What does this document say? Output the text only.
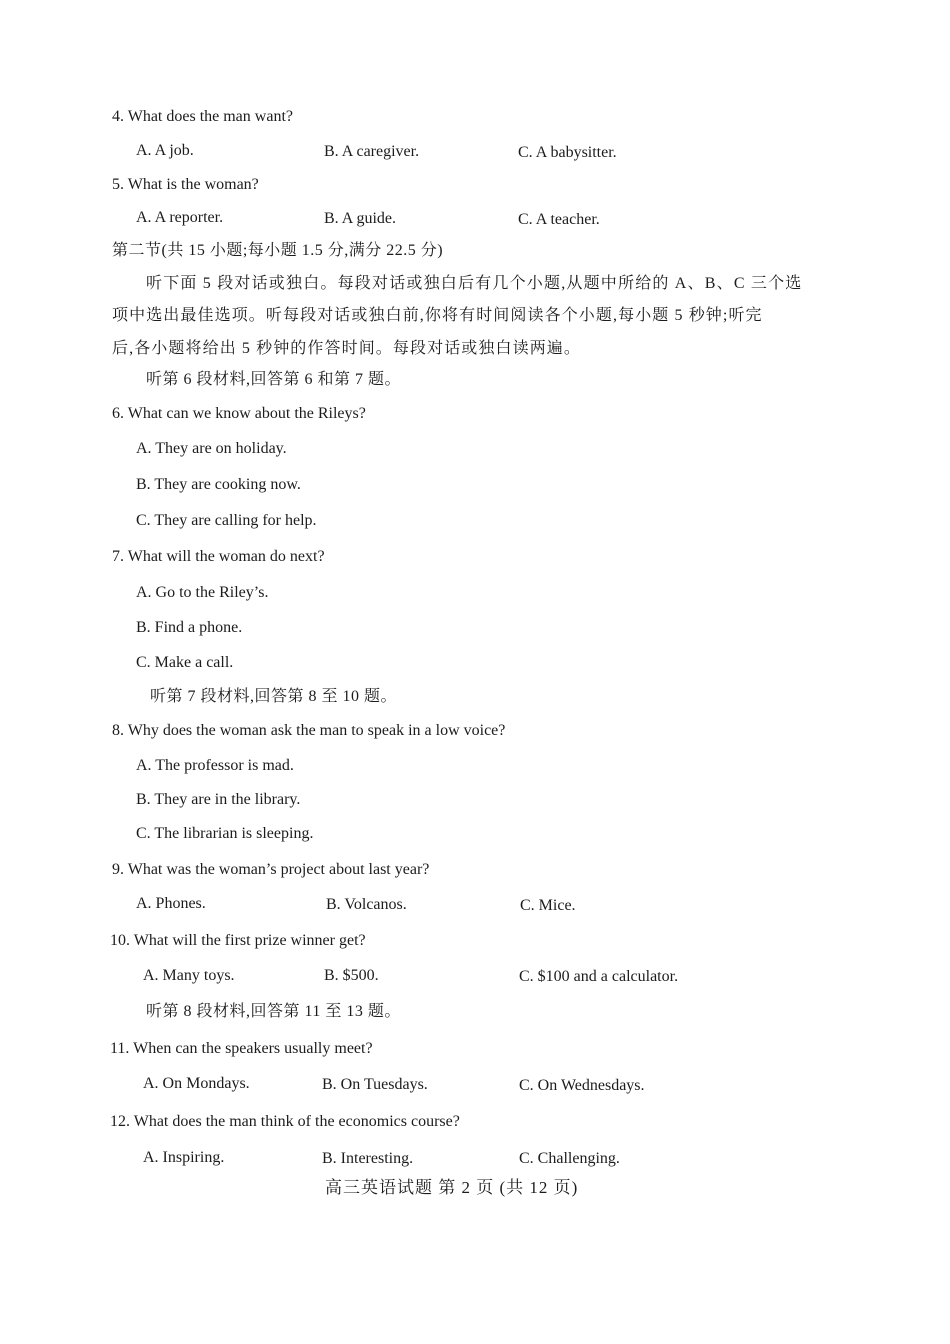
4. What does the man want?
A. A job.	B. A caregiver.	C. A babysitter.
5. What is the woman?
A. A reporter.	B. A guide.	C. A teacher.
第二节(共 15 小题;每小题 1.5 分,满分 22.5 分)
听下面 5 段对话或独白。每段对话或独白后有几个小题,从题中所给的 A、B、C 三个选
项中选出最佳选项。听每段对话或独白前,你将有时间阅读各个小题,每小题 5 秒钟;听完
后,各小题将给出 5 秒钟的作答时间。每段对话或独白读两遍。
听第 6 段材料,回答第 6 和第 7 题。
6. What can we know about the Rileys?
A. They are on holiday.
B. They are cooking now.
C. They are calling for help.
7. What will the woman do next?
A. Go to the Riley’s.
B. Find a phone.
C. Make a call.
听第 7 段材料,回答第 8 至 10 题。
8. Why does the woman ask the man to speak in a low voice?
A. The professor is mad.
B. They are in the library.
C. The librarian is sleeping.
9. What was the woman’s project about last year?
A. Phones.	B. Volcanos.	C. Mice.
10. What will the first prize winner get?
A. Many toys.	B. $500.	C. $100 and a calculator.
听第 8 段材料,回答第 11 至 13 题。
11. When can the speakers usually meet?
A. On Mondays.	B. On Tuesdays.	C. On Wednesdays.
12. What does the man think of the economics course?
A. Inspiring.	B. Interesting.	C. Challenging.
高三英语试题 第 2 页 (共 12 页)
